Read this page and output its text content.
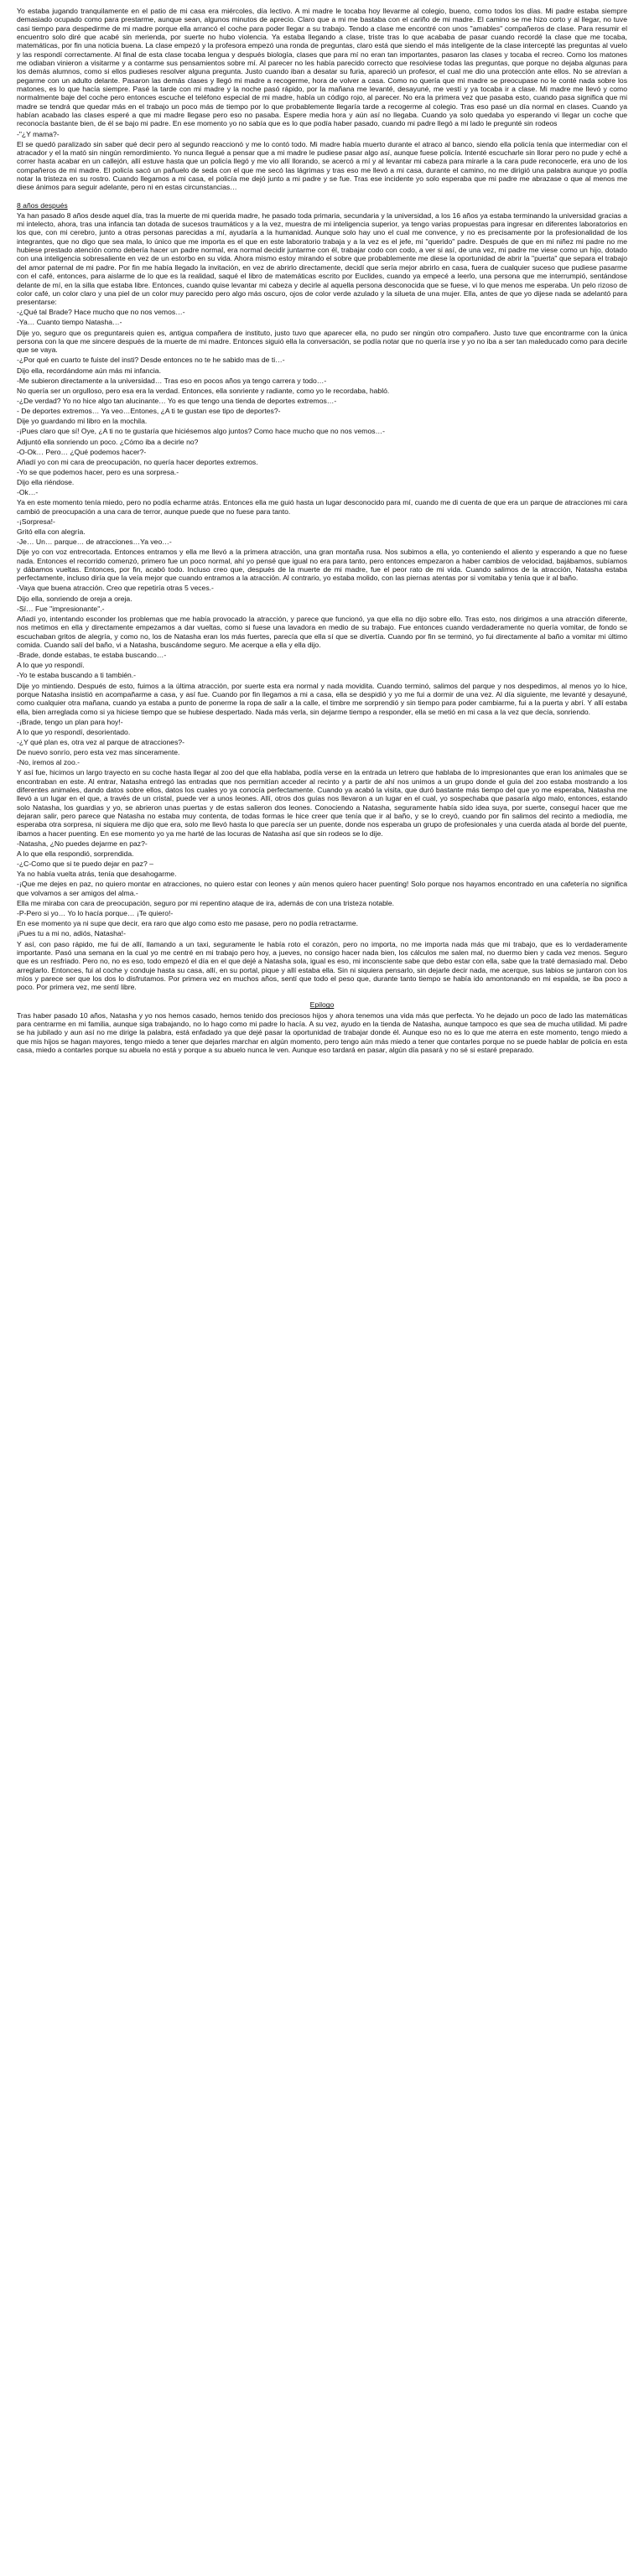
Yo estaba jugando tranquilamente en el patio de mi casa era miércoles, día lectivo. A mi madre le tocaba hoy llevarme al colegio, bueno, como todos los días. Mi padre estaba siempre demasiado ocupado como para prestarme, aunque sean, algunos minutos de aprecio. Claro que a mi me bastaba con el cariño de mi madre. El camino se me hizo corto y al llegar, no tuve casi tiempo para despedirme de mi madre porque ella arrancó el coche para poder llegar a su trabajo. Tendo a clase me encontré con unos "amables" compañeros de clase. Para resumir el encuentro solo diré que acabé sin merienda, por suerte no hubo violencia. Ya estaba llegando a clase, triste tras lo que acababa de pasar cuando recordé la clase que me tocaba, matemáticas, por fin una noticia buena. La clase empezó y la profesora empezó una ronda de preguntas, claro está que siendo el más inteligente de la clase intercepté las preguntas al vuelo y las respondí correctamente. Al final de esta clase tocaba lengua y después biología, clases que para mí no eran tan importantes, pasaron las clases y tocaba el recreo. Como los matones me odiaban vinieron a visitarme y a contarme sus pensamientos sobre mí. Al parecer no les había parecido correcto que resolviese todas las preguntas, que porque no dejaba algunas para los demás alumnos, como si ellos pudieses resolver alguna pregunta. Justo cuando iban a desatar su furia, apareció un profesor, el cual me dio una protección ante ellos. No se atrevían a pegarme con un adulto delante. Pasaron las demás clases y llegó mi madre a recogerme, hora de volver a casa. Como no quería que mi madre se preocupase no le conté nada sobre los matones, es lo que hacía siempre. Pasé la tarde con mi madre y la noche pasó rápido, por la mañana me levanté, desayuné, me vestí y ya tocaba ir a clase. Mi madre me llevó y como normalmente baje del coche pero entonces escuche el teléfono especial de mi madre, había un código rojo, al parecer. No era la primera vez que pasaba esto, cuando pasa significa que mi madre se tendrá que quedar más en el trabajo un poco más de tiempo por lo que probablemente llegaría tarde a recogerme al colegio. Tras eso pasé un día normal en clases. Cuando ya habían acabado las clases esperé a que mi madre llegase pero eso no pasaba. Espere media hora y aún así no llegaba. Cuando ya solo quedaba yo esperando vi llegar un coche que reconocía bastante bien, de él se bajo mi padre. En ese momento yo no sabía que es lo que podía haber pasado, cuando mi padre llegó a mi lado le pregunté sin rodeos

-"¿Y mama?-

El se quedó paralizado sin saber qué decir pero al segundo reaccionó y me lo contó todo. Mi madre había muerto durante el atraco al banco, siendo ella policía tenía que intermediar con el atracador y el la mató sin ningún remordimiento. Yo nunca llegué a pensar que a mi madre le pudiese pasar algo así, aunque fuese policía. Intenté escucharle sin llorar pero no pude y eché a correr hasta acabar en un callejón, allí estuve hasta que un policía llegó y me vio allí llorando, se acercó a mí y al levantar mi cabeza para mirarle a la cara pude reconocerle, era uno de los compañeros de mi madre. El policía sacó un pañuelo de seda con el que me secó las lágrimas y tras eso me llevó a mi casa, durante el camino, no me dirigió una palabra aunque yo podía notar la tristeza en su rostro. Cuando llegamos a mi casa, el policía me dejó junto a mi padre y se fue. Tras ese incidente yo solo esperaba que mi padre me abrazase o que al menos me diese ánimos para seguir adelante, pero ni en estas circunstancias…

8 años después

Ya han pasado 8 años desde aquel día, tras la muerte de mi querida madre, he pasado toda primaria, secundaria y la universidad, a los 16 años ya estaba terminando la universidad gracias a mi intelecto, ahora, tras una infancia tan dotada de sucesos traumáticos y a la vez, muestra de mi inteligencia superior, ya tengo varias propuestas para ingresar en diferentes laboratorios en los que, con mi cerebro, junto a otras personas parecidas a mí, ayudaría a la humanidad. Aunque solo hay uno el cual me convence, y no es precisamente por la profesionalidad de los integrantes, que no digo que sea mala, lo único que me importa es el que en este laboratorio trabaja y a la vez es el jefe, mi "querido" padre. Después de que en mi niñez mi padre no me hubiese prestado atención como debería hacer un padre normal, era normal decidir juntarme con él, trabajar codo con codo, a ver si así, de una vez, mi padre me viese como un hijo, dotado con una inteligencia sobresaliente en vez de un estorbo en su vida. Ahora mismo estoy mirando el sobre que probablemente me diese la oportunidad de abrir la "puerta" que separa el trabajo del amor paternal de mi padre. Por fin me había llegado la invitación, en vez de abrirlo directamente, decidí que sería mejor abrirlo en casa, fuera de cualquier suceso que pudiese pasarme con el café, entonces, para aislarme de lo que es la realidad, saqué el libro de matemáticas escrito por Euclides, cuando ya empecé a leerlo, una persona que me interrumpió, sentándose delante de mí, en la silla que estaba libre. Entonces, cuando quise levantar mi cabeza y decirle al aquella persona desconocida que se fuese, vi lo que menos me esperaba. Un pelo rizoso de color café, un color claro y una piel de un color muy parecido pero algo más oscuro, ojos de color verde azulado y la silueta de una mujer. Ella, antes de que yo dijese nada se adelantó para presentarse:

-¿Qué tal Brade? Hace mucho que no nos vemos…-

-Ya… Cuanto tiempo Natasha…-

Dije yo, seguro que os preguntareis quien es, antigua compañera de instituto, justo tuvo que aparecer ella, no pudo ser ningún otro compañero. Justo tuve que encontrarme con la única persona con la que me sincere después de la muerte de mi madre. Entonces siguió ella la conversación, se podía notar que no quería irse y yo no iba a ser tan maleducado como para decirle que se vaya.

-¿Por qué en cuarto te fuiste del insti? Desde entonces no te he sabido mas de ti…-

Dijo ella, recordándome aún más mi infancia.

-Me subieron directamente a la universidad… Tras eso en pocos años ya tengo carrera y todo…-

No quería ser un orgulloso, pero esa era la verdad. Entonces, ella sonriente y radiante, como yo le recordaba, habló.

-¿De verdad? Yo no hice algo tan alucinante… Yo es que tengo una tienda de deportes extremos…-

- De deportes extremos… Ya veo…Entones, ¿A ti te gustan ese tipo de deportes?-

Dije yo guardando mi libro en la mochila.

-¡Pues claro que sí! Oye, ¿A ti no te gustaría que hiciésemos algo juntos? Como hace mucho que no nos vemos…-

Adjuntó ella sonriendo un poco. ¿Cómo iba a decirle no?

-O-Ok… Pero… ¿Qué podemos hacer?-

Añadí yo con mi cara de preocupación, no quería hacer deportes extremos.

-Yo se que podemos hacer, pero es una sorpresa.-

Dijo ella riéndose.

-Ok…-

Ya en este momento tenía miedo, pero no podía echarme atrás. Entonces ella me guió hasta un lugar desconocido para mí, cuando me di cuenta de que era un parque de atracciones mi cara cambió de preocupación a una cara de terror, aunque puede que no fuese para tanto.

-¡Sorpresa!-

Gritó ella con alegría.

-Je… Un… parque… de atracciones…Ya veo…-

Dije yo con voz entrecortada. Entonces entramos y ella me llevó a la primera atracción, una gran montaña rusa. Nos subimos a ella, yo conteniendo el aliento y esperando a que no fuese nada. Entonces el recorrido comenzó, primero fue un poco normal, ahí yo pensé que igual no era para tanto, pero entonces empezaron a haber cambios de velocidad, bajábamos, subíamos y dábamos vueltas. Entonces, por fin, acabó todo. Incluso creo que, después de la muerte de mi madre, fue el peor rato de mi vida. Cuando salimos de la atracción, Natasha estaba perfectamente, incluso diría que la veía mejor que cuando entramos a la atracción. Al contrario, yo estaba molido, con las piernas atentas por si vomitaba y tenía que ir al baño.

-Vaya que buena atracción. Creo que repetiría otras 5 veces.-

Dijo ella, sonriendo de oreja a oreja.

-Sí… Fue "impresionante".-

Añadí yo, intentando esconder los problemas que me había provocado la atracción, y parece que funcionó, ya que ella no dijo sobre ello. Tras esto, nos dirigimos a una atracción diferente, nos metimos en ella y directamente empezamos a dar vueltas, como si fuese una lavadora en medio de su trabajo. Fue entonces cuando verdaderamente no quería vomitar, de fondo se escuchaban gritos de alegría, y como no, los de Natasha eran los más fuertes, parecía que ella sí que se divertía. Cuando por fin se terminó, yo fui directamente al baño a vomitar mi último comida. Cuando salí del baño, vi a Natasha, buscándome seguro. Me acerque a ella y ella dijo.

-Brade, donde estabas, te estaba buscando…-

A lo que yo respondí.

-Yo te estaba buscando a ti también.-

Dije yo mintiendo. Después de esto, fuimos a la última atracción, por suerte esta era normal y nada movidita. Cuando terminó, salimos del parque y nos despedimos, al menos yo lo hice, porque Natasha insistió en acompañarme a casa, y así fue. Cuando por fin llegamos a mi a casa, ella se despidió y yo me fui a dormir de una vez. Al día siguiente, me levanté y desayuné, como cualquier otra mañana, cuando ya estaba a punto de ponerme la ropa de salir a la calle, el timbre me sorprendió y sin tiempo para poder cambiarme, fui a la puerta y abrí. Y allí estaba ella, bien arreglada como si ya hiciese tiempo que se hubiese despertado. Nada más verla, sin dejarme tiempo a responder, ella se metió en mi casa a la vez que decía, sonriendo.

-¡Brade, tengo un plan para hoy!-

A lo que yo respondí, desorientado.

-¿Y qué plan es, otra vez al parque de atracciones?-

De nuevo sonrío, pero esta vez mas sinceramente.

-No, iremos al zoo.-

Y así fue, hicimos un largo trayecto en su coche hasta llegar al zoo del que ella hablaba, podía verse en la entrada un letrero que hablaba de lo impresionantes que eran los animales que se encontraban en este. Al entrar, Natasha entregó las entradas que nos permitían acceder al recinto y a partir de ahí nos unimos a un grupo donde el guía del zoo estaba mostrando a los diferentes animales, dando datos sobre ellos, datos los cuales yo ya conocía perfectamente. Cuando ya acabó la visita, que duró bastante más tiempo del que yo me esperaba, Natasha me llevó a un lugar en el que, a través de un cristal, puede ver a unos leones. Allí, otros dos guías nos llevaron a un lugar en el cual, yo sospechaba que pasaría algo malo, entonces, estando solo Natasha, los guardias y yo, se abrieron unas puertas y de estas salieron dos leones. Conociendo a Natasha, seguramente había sido idea suya, por suerte, conseguí hacer que me dejaran salir, pero parece que Natasha no estaba muy contenta, de todas formas le hice creer que tenía que ir al baño, y se lo creyó, cuando por fin salimos del recinto a mediodía, me esperaba otra sorpresa, ni siquiera me dijo que era, solo me llevó hasta lo que parecía ser un puente, donde nos esperaba un grupo de profesionales y una cuerda atada al borde del puente, íbamos a hacer puenting. En ese momento yo ya me harté de las locuras de Natasha así que sin rodeos se lo dije.

-Natasha, ¿No puedes dejarme en paz?-

A lo que ella respondió, sorprendida.

-¿C-Como que si te puedo dejar en paz? –

Ya no había vuelta atrás, tenía que desahogarme.

-¡Que me dejes en paz, no quiero montar en atracciones, no quiero estar con leones y aún menos quiero hacer puenting! Solo porque nos hayamos encontrado en una cafetería no significa que volvamos a ser amigos del alma.-

Ella me miraba con cara de preocupación, seguro por mi repentino ataque de ira, además de con una tristeza notable.

-P-Pero si yo… Yo lo hacía porque… ¡Te quiero!-

En ese momento ya ni supe que decir, era raro que algo como esto me pasase, pero no podía retractarme.

¡Pues tu a mi no, adiós, Natasha!-

Y así, con paso rápido, me fui de allí, llamando a un taxi, seguramente le había roto el corazón, pero no importa, no me importa nada más que mi trabajo, que es lo verdaderamente importante. Pasó una semana en la cual yo me centré en mi trabajo pero hoy, a jueves, no consigo hacer nada bien, los cálculos me salen mal, no duermo bien y cada vez menos. Seguro que es un resfriado. Pero no, no es eso, todo empezó el día en el que dejé a Natasha sola, igual es eso, mi inconsciente sabe que debo estar con ella, sabe que la traté demasiado mal. Debo arreglarlo. Entonces, fui al coche y conduje hasta su casa, allí, en su portal, pique y allí estaba ella. Sin ni siquiera pensarlo, sin dejarle decir nada, me acerque, sus labios se juntaron con los míos y parece ser que los dos lo disfrutamos. Por primera vez en muchos años, sentí que todo el peso que, durante tanto tiempo se había ido amontonando en mi espalda, se iba poco a poco. Por primera vez, me sentí libre.

Epilogo

Tras haber pasado 10 años, Natasha y yo nos hemos casado, hemos tenido dos preciosos hijos y ahora tenemos una vida más que perfecta. Yo he dejado un poco de lado las matemáticas para centrarme en mi familia, aunque siga trabajando, no lo hago como mi padre lo hacía. A su vez, ayudo en la tienda de Natasha, aunque tampoco es que sea de mucha utilidad. Mi padre se ha jubilado y aun así no me dirige la palabra, está enfadado ya que dejé pasar la oportunidad de trabajar donde él. Aunque eso no es lo que me aterra en este momento, tengo miedo a que mis hijos se hagan mayores, tengo miedo a tener que dejarles marchar en algún momento, pero tengo aún más miedo a tener que contarles porque no se puede hablar de policía en esta casa, miedo a contarles porque su abuela no está y porque a su abuelo nunca le ven. Aunque eso tardará en pasar, algún día pasará y no sé si estaré preparado.
